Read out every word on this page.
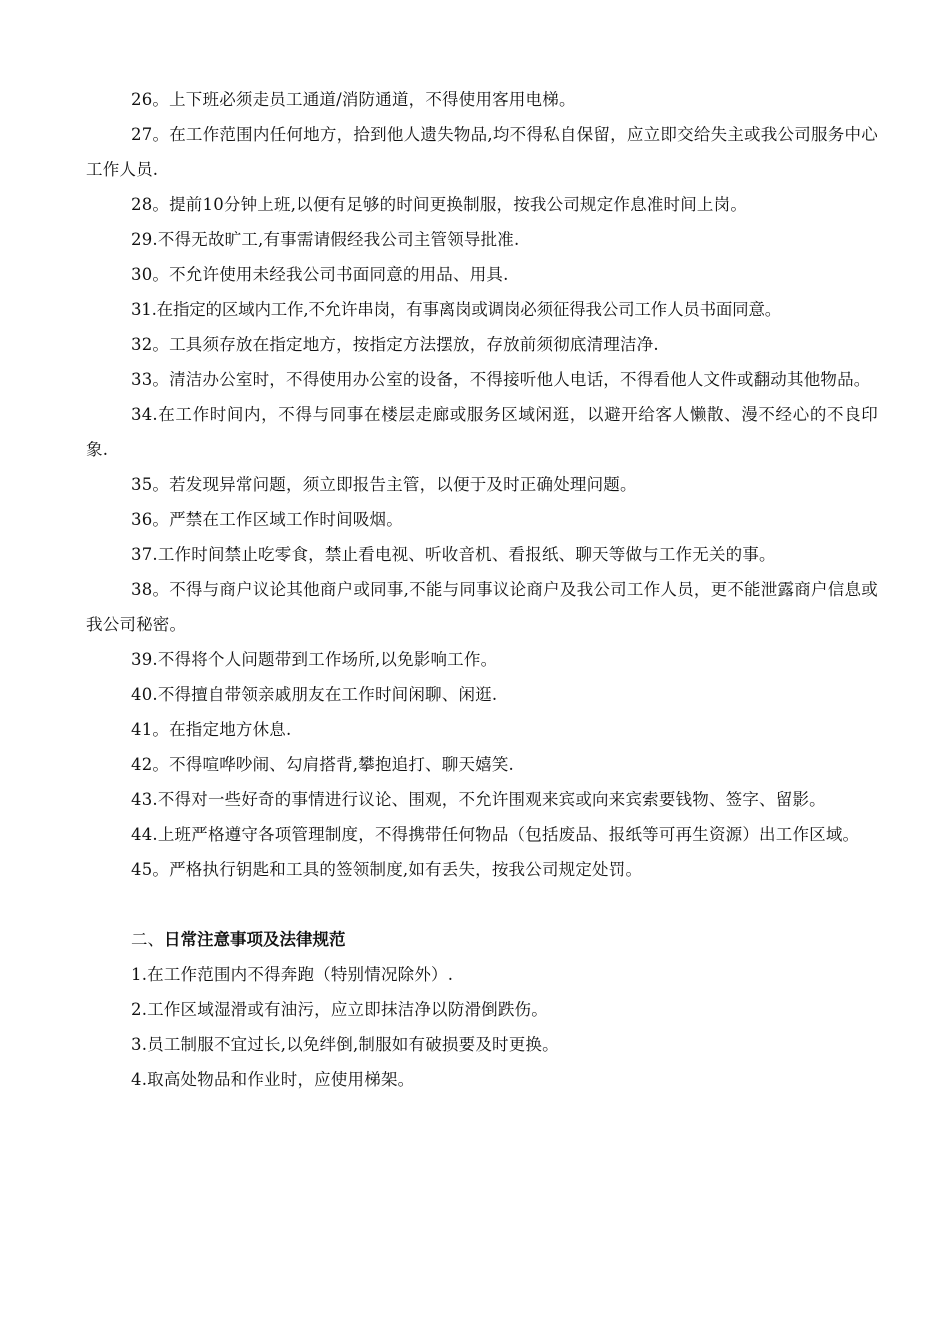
26。上下班必须走员工通道/消防通道，不得使用客用电梯。

27。在工作范围内任何地方，拾到他人遗失物品,均不得私自保留，应立即交给失主或我公司服务中心工作人员.

28。提前10分钟上班,以便有足够的时间更换制服，按我公司规定作息准时间上岗。

29.不得无故旷工,有事需请假经我公司主管领导批准.

30。不允许使用未经我公司书面同意的用品、用具.

31.在指定的区域内工作,不允许串岗，有事离岗或调岗必须征得我公司工作人员书面同意。

32。工具须存放在指定地方，按指定方法摆放，存放前须彻底清理洁净.

33。清洁办公室时，不得使用办公室的设备，不得接听他人电话，不得看他人文件或翻动其他物品。

34.在工作时间内，不得与同事在楼层走廊或服务区域闲逛，以避开给客人懒散、漫不经心的不良印象.

35。若发现异常问题，须立即报告主管，以便于及时正确处理问题。

36。严禁在工作区域工作时间吸烟。

37.工作时间禁止吃零食，禁止看电视、听收音机、看报纸、聊天等做与工作无关的事。

38。不得与商户议论其他商户或同事,不能与同事议论商户及我公司工作人员，更不能泄露商户信息或我公司秘密。

39.不得将个人问题带到工作场所,以免影响工作。

40.不得擅自带领亲戚朋友在工作时间闲聊、闲逛.

41。在指定地方休息.

42。不得喧哗吵闹、勾肩搭背,攀抱追打、聊天嬉笑.

43.不得对一些好奇的事情进行议论、围观，不允许围观来宾或向来宾索要钱物、签字、留影。

44.上班严格遵守各项管理制度，不得携带任何物品（包括废品、报纸等可再生资源）出工作区域。

45。严格执行钥匙和工具的签领制度,如有丢失，按我公司规定处罚。

二、日常注意事项及法律规范

1.在工作范围内不得奔跑（特别情况除外）.

2.工作区域湿滑或有油污，应立即抹洁净以防滑倒跌伤。

3.员工制服不宜过长,以免绊倒,制服如有破损要及时更换。

4.取高处物品和作业时，应使用梯架。
